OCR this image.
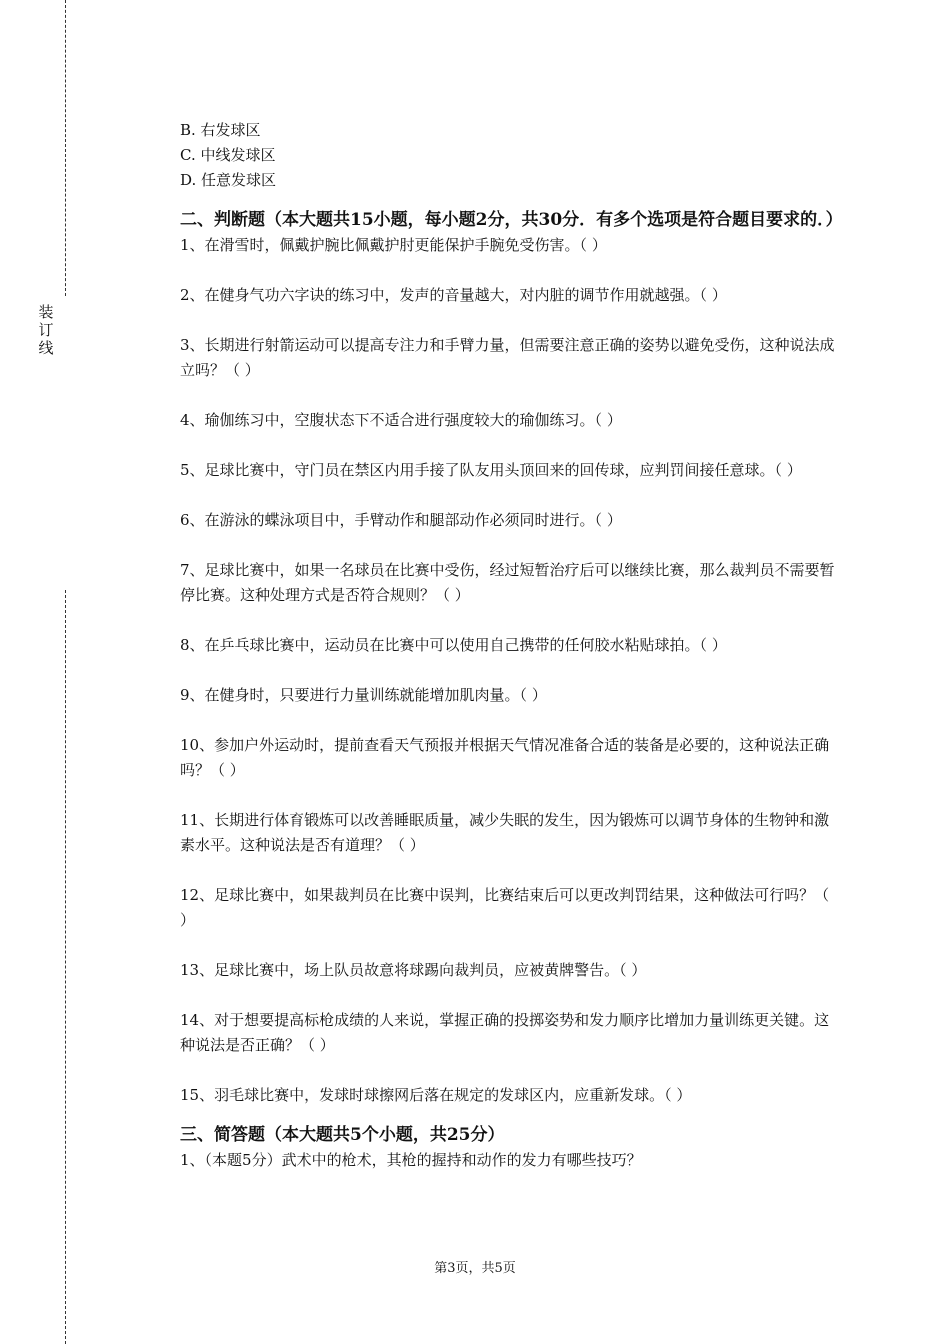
装订线
B. 右发球区
C. 中线发球区
D. 任意发球区
二、判断题（本大题共15小题，每小题2分，共30分．有多个选项是符合题目要求的．）
1、在滑雪时，佩戴护腕比佩戴护肘更能保护手腕免受伤害。（ ）
2、在健身气功六字诀的练习中，发声的音量越大，对内脏的调节作用就越强。（ ）
3、长期进行射箭运动可以提高专注力和手臂力量，但需要注意正确的姿势以避免受伤，这种说法成立吗？（ ）
4、瑜伽练习中，空腹状态下不适合进行强度较大的瑜伽练习。（ ）
5、足球比赛中，守门员在禁区内用手接了队友用头顶回来的回传球，应判罚间接任意球。（ ）
6、在游泳的蝶泳项目中，手臂动作和腿部动作必须同时进行。（ ）
7、足球比赛中，如果一名球员在比赛中受伤，经过短暂治疗后可以继续比赛，那么裁判员不需要暂停比赛。这种处理方式是否符合规则？（ ）
8、在乒乓球比赛中，运动员在比赛中可以使用自己携带的任何胶水粘贴球拍。（ ）
9、在健身时，只要进行力量训练就能增加肌肉量。（ ）
10、参加户外运动时，提前查看天气预报并根据天气情况准备合适的装备是必要的，这种说法正确吗？（ ）
11、长期进行体育锻炼可以改善睡眠质量，减少失眠的发生，因为锻炼可以调节身体的生物钟和激素水平。这种说法是否有道理？（ ）
12、足球比赛中，如果裁判员在比赛中误判，比赛结束后可以更改判罚结果，这种做法可行吗？（ ）
13、足球比赛中，场上队员故意将球踢向裁判员，应被黄牌警告。（ ）
14、对于想要提高标枪成绩的人来说，掌握正确的投掷姿势和发力顺序比增加力量训练更关键。这种说法是否正确？（ ）
15、羽毛球比赛中，发球时球擦网后落在规定的发球区内，应重新发球。（ ）
三、简答题（本大题共5个小题，共25分）
1、（本题5分）武术中的枪术，其枪的握持和动作的发力有哪些技巧？
第3页，共5页
